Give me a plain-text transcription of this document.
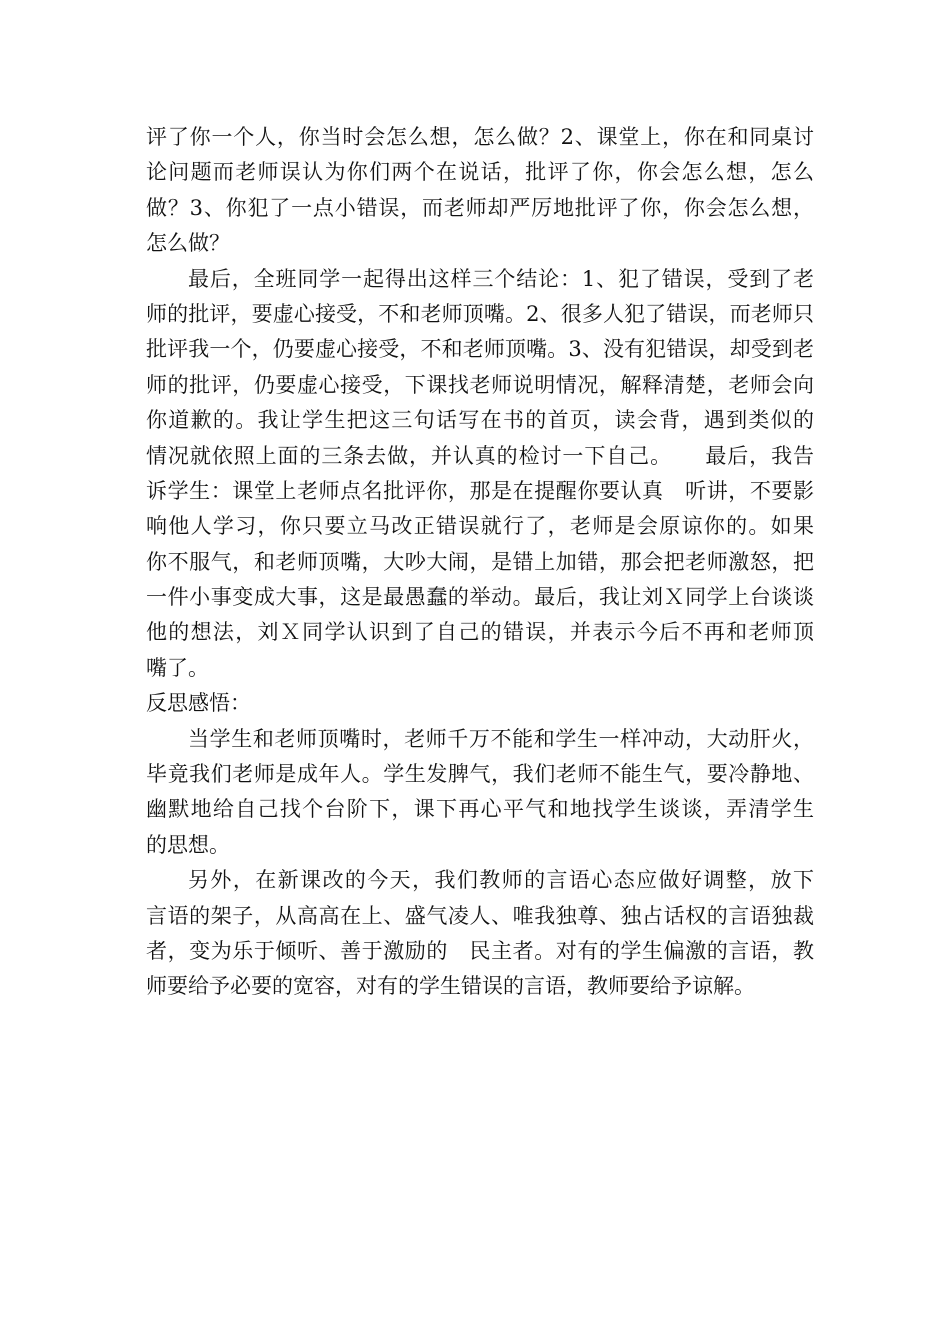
评了你一个人，你当时会怎么想，怎么做？2、课堂上，你在和同桌讨
论问题而老师误认为你们两个在说话，批评了你，你会怎么想，怎么
做？3、你犯了一点小错误，而老师却严厉地批评了你，你会怎么想，
怎么做？
最后，全班同学一起得出这样三个结论：1、犯了错误，受到了老
师的批评，要虚心接受，不和老师顶嘴。2、很多人犯了错误，而老师只
批评我一个，仍要虚心接受，不和老师顶嘴。3、没有犯错误，却受到老
师的批评，仍要虚心接受，下课找老师说明情况，解释清楚，老师会向
你道歉的。我让学生把这三句话写在书的首页，读会背，遇到类似的
情况就依照上面的三条去做，并认真的检讨一下自己。　　最后，我告
诉学生：课堂上老师点名批评你，那是在提醒你要认真　听讲，不要影
响他人学习，你只要立马改正错误就行了，老师是会原谅你的。如果
你不服气，和老师顶嘴，大吵大闹，是错上加错，那会把老师激怒，把
一件小事变成大事，这是最愚蠢的举动。最后，我让刘Ｘ同学上台谈谈
他的想法，刘Ｘ同学认识到了自己的错误，并表示今后不再和老师顶
嘴了。
反思感悟：
当学生和老师顶嘴时，老师千万不能和学生一样冲动，大动肝火，
毕竟我们老师是成年人。学生发脾气，我们老师不能生气，要冷静地、
幽默地给自己找个台阶下，课下再心平气和地找学生谈谈，弄清学生
的思想。
另外，在新课改的今天，我们教师的言语心态应做好调整，放下
言语的架子，从高高在上、盛气凌人、唯我独尊、独占话权的言语独裁
者，变为乐于倾听、善于激励的　民主者。对有的学生偏激的言语，教
师要给予必要的宽容，对有的学生错误的言语，教师要给予谅解。
